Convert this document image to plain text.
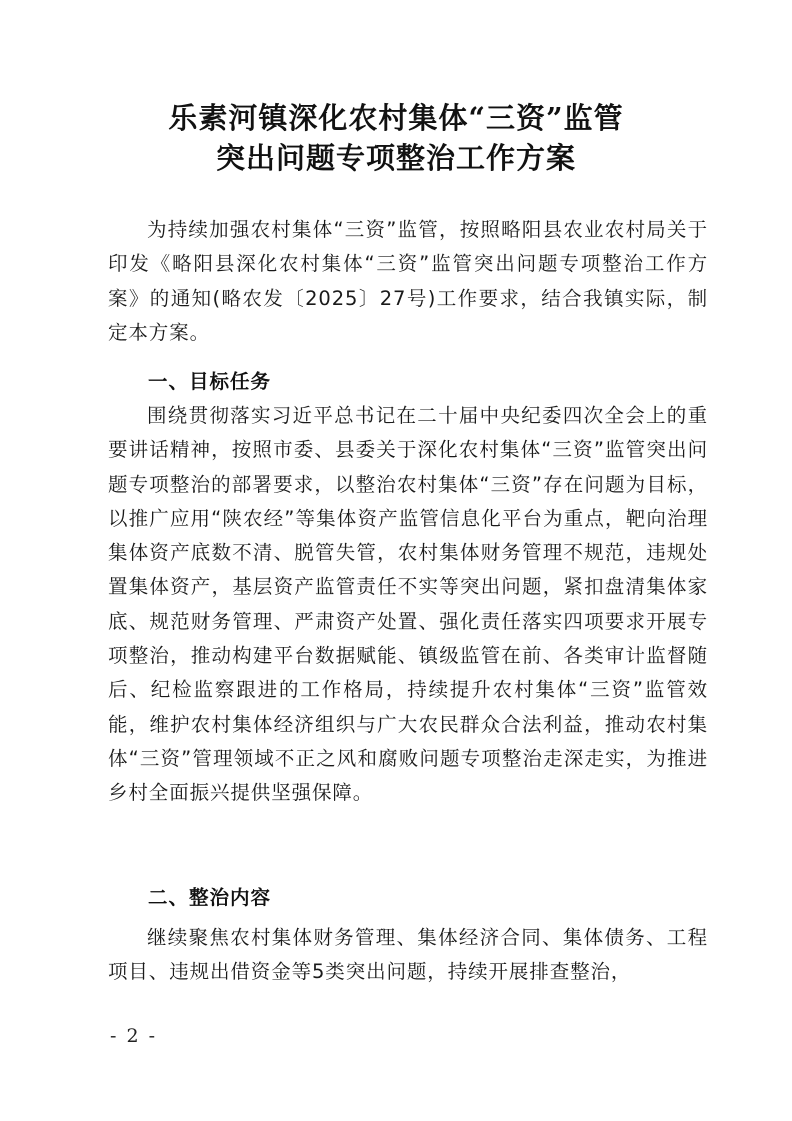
乐素河镇深化农村集体“三资”监管
突出问题专项整治工作方案
为持续加强农村集体“三资”监管，按照略阳县农业农村局关于印发《略阳县深化农村集体“三资”监管突出问题专项整治工作方案》的通知(略农发〔2025〕27号)工作要求，结合我镇实际，制定本方案。
一、目标任务
围绕贯彻落实习近平总书记在二十届中央纪委四次全会上的重要讲话精神，按照市委、县委关于深化农村集体“三资”监管突出问题专项整治的部署要求，以整治农村集体“三资”存在问题为目标，以推广应用“陕农经”等集体资产监管信息化平台为重点，靶向治理集体资产底数不清、脱管失管，农村集体财务管理不规范，违规处置集体资产，基层资产监管责任不实等突出问题，紧扣盘清集体家底、规范财务管理、严肃资产处置、强化责任落实四项要求开展专项整治，推动构建平台数据赋能、镇级监管在前、各类审计监督随后、纪检监察跟进的工作格局，持续提升农村集体“三资”监管效能，维护农村集体经济组织与广大农民群众合法利益，推动农村集体“三资”管理领域不正之风和腐败问题专项整治走深走实，为推进乡村全面振兴提供坚强保障。
二、整治内容
继续聚焦农村集体财务管理、集体经济合同、集体债务、工程项目、违规出借资金等5类突出问题，持续开展排查整治，
- 2 -
